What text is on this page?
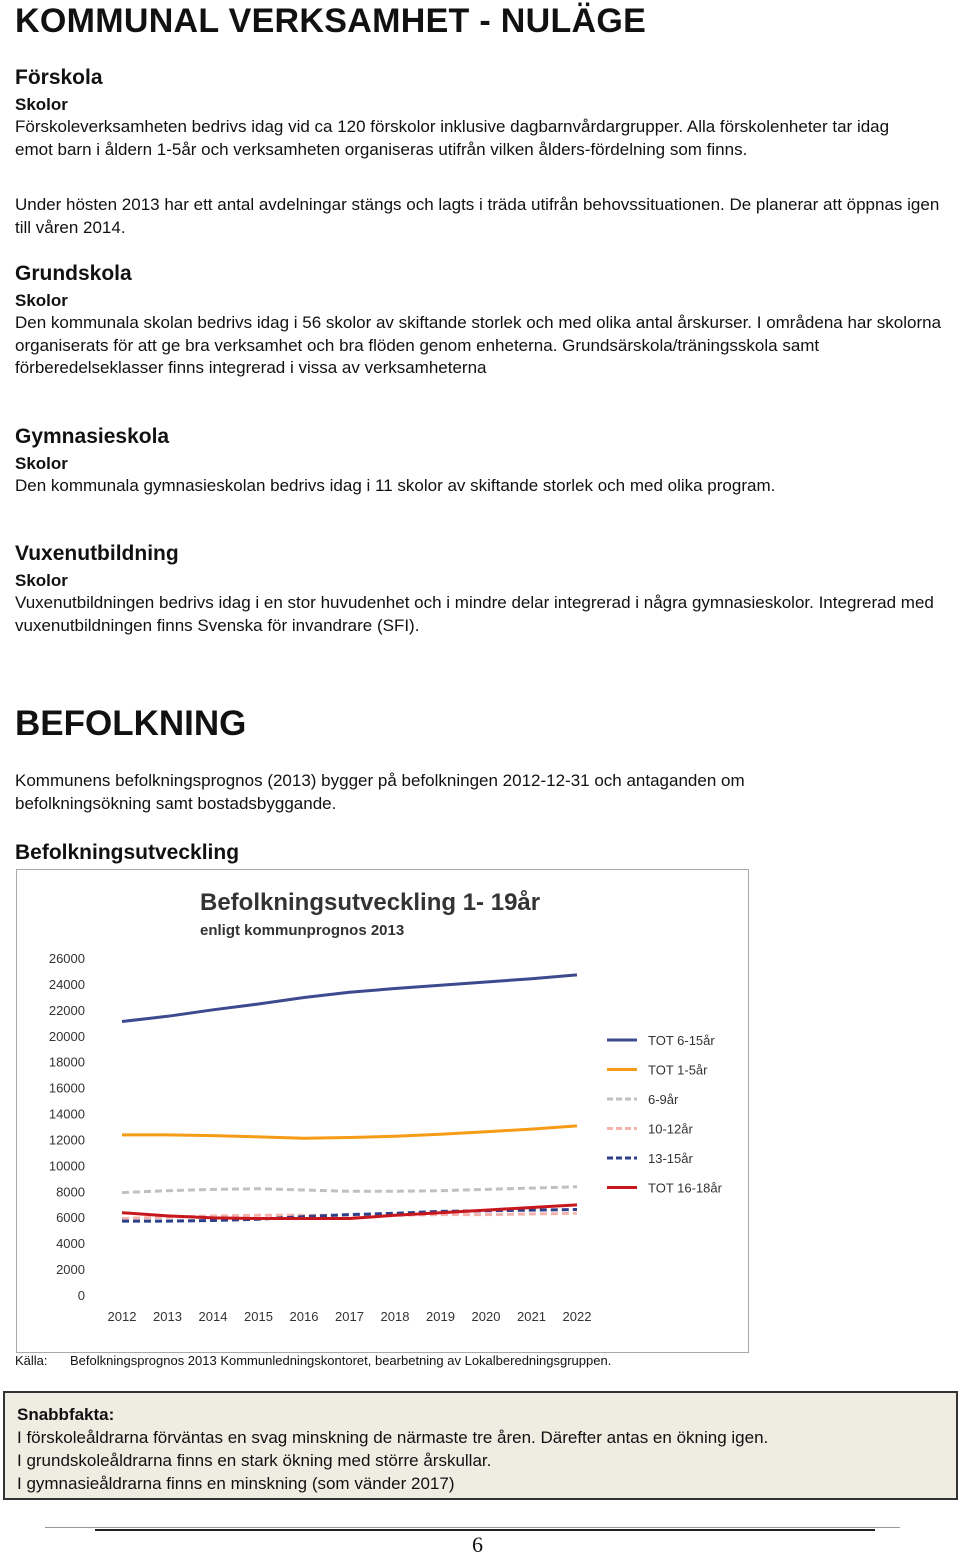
KOMMUNAL VERKSAMHET - NULÄGE
Förskola
Skolor

Förskoleverksamheten bedrivs idag vid ca 120 förskolor inklusive dagbarnvårdargrupper. Alla förskolenheter tar idag emot barn i åldern 1-5år och verksamheten organiseras utifrån vilken ålders-fördelning som finns.

Under hösten 2013 har ett antal avdelningar stängs och lagts i träda utifrån behovssituationen. De planerar att öppnas igen till våren 2014.

Grundskola
Skolor

Den kommunala skolan bedrivs idag i 56 skolor av skiftande storlek och med olika antal årskurser. I områdena har skolorna organiserats för att ge bra verksamhet och bra flöden genom enheterna. Grundsärskola/träningsskola samt förberedelseklasser finns integrerad i vissa av verksamheterna

Gymnasieskola
Skolor

Den kommunala gymnasieskolan bedrivs idag i 11 skolor av skiftande storlek och med olika program.

Vuxenutbildning
Skolor

Vuxenutbildningen bedrivs idag i en stor huvudenhet och i mindre delar integrerad i några gymnasieskolor. Integrerad med vuxenutbildningen finns Svenska för invandrare (SFI).

BEFOLKNING

Kommunens befolkningsprognos (2013) bygger på befolkningen 2012-12-31 och antaganden om befolkningsökning samt bostadsbyggande.

Befolkningsutveckling
Befolkningsutveckling 1- 19år
enligt kommunprognos 2013
0
2000
4000
6000
8000
10000
12000
14000
16000
18000
20000
22000
24000
26000
2012 2013 2014 2015 2016 2017 2018 2019 2020 2021 2022
TOT 6-15år
TOT 1-5år
6-9år
10-12år
13-15år
TOT 16-18år
Källa: Befolkningsprognos 2013 Kommunledningskontoret, bearbetning av Lokalberedningsgruppen.
Snabbfakta:
I förskoleåldrarna förväntas en svag minskning de närmaste tre åren. Därefter antas en ökning igen.
I grundskoleåldrarna finns en stark ökning med större årskullar.
I gymnasieåldrarna finns en minskning (som vänder 2017)
6
